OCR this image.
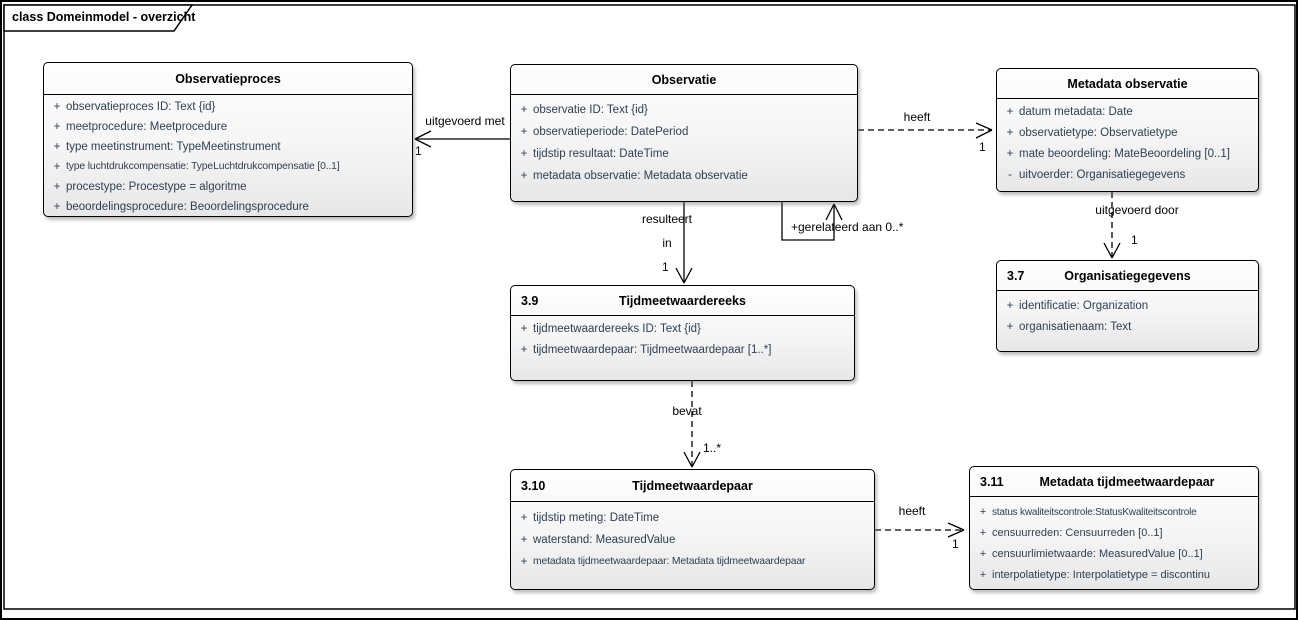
class Domeinmodel - overzicht
Observatieproces
+ observatieproces ID: Text {id}
+ meetprocedure: Meetprocedure
+ type meetinstrument: TypeMeetinstrument
+ type luchtdrukcompensatie: TypeLuchtdrukcompensatie [0..1]
+ procestype: Procestype = algoritme
+ beoordelingsprocedure: Beoordelingsprocedure
Observatie
+ observatie ID: Text {id}
+ observatieperiode: DatePeriod
+ tijdstip resultaat: DateTime
+ metadata observatie: Metadata observatie
Metadata observatie
+ datum metadata: Date
+ observatietype: Observatietype
+ mate beoordeling: MateBeoordeling [0..1]
- uitvoerder: Organisatiegegevens
3.7	Organisatiegegevens
+ identificatie: Organization
+ organisatienaam: Text
3.9	Tijdmeetwaardereeks
+ tijdmeetwaardereeks ID: Text {id}
+ tijdmeetwaardepaar: Tijdmeetwaardepaar [1..*]
3.10	Tijdmeetwaardepaar
+ tijdstip meting: DateTime
+ waterstand: MeasuredValue
+ metadata tijdmeetwaardepaar: Metadata tijdmeetwaardepaar
3.11	Metadata tijdmeetwaardepaar
+ status kwaliteitscontrole:StatusKwaliteitscontrole
+ censuurreden: Censuurreden [0..1]
+ censuurlimietwaarde: MeasuredValue [0..1]
+ interpolatietype: Interpolatietype = discontinu
uitgevoerd met
1
heeft
1
+gerelateerd aan 0..*
resulteert
in
1
uitgevoerd door
1
bevat
1..*
heeft
1
